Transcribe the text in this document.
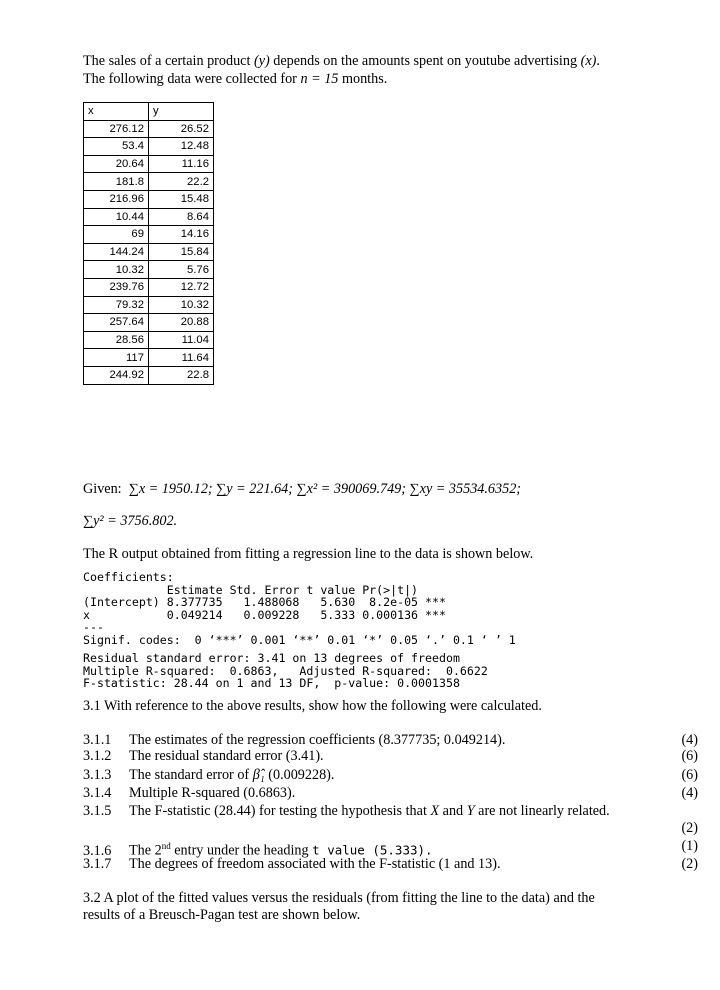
The sales of a certain product (y) depends on the amounts spent on youtube advertising (x).
The following data were collected for n = 15 months.
x	y
276.12	26.52
53.4	12.48
20.64	11.16
181.8	22.2
216.96	15.48
10.44	8.64
69	14.16
144.24	15.84
10.32	5.76
239.76	12.72
79.32	10.32
257.64	20.88
28.56	11.04
117	11.64
244.92	22.8
Given: ∑x = 1950.12; ∑y = 221.64; ∑x² = 390069.749; ∑xy = 35534.6352;
∑y² = 3756.802.
The R output obtained from fitting a regression line to the data is shown below.
Coefficients:
Estimate Std. Error t value Pr(>|t|)
(Intercept) 8.377735   1.488068   5.630  8.2e-05 ***
x           0.049214   0.009228   5.333 0.000136 ***
---
Signif. codes:  0 ‘***’ 0.001 ‘**’ 0.01 ‘*’ 0.05 ‘.’ 0.1 ‘ ’ 1
Residual standard error: 3.41 on 13 degrees of freedom
Multiple R-squared:  0.6863,   Adjusted R-squared:  0.6622
F-statistic: 28.44 on 1 and 13 DF,  p-value: 0.0001358
3.1 With reference to the above results, show how the following were calculated.
3.1.1 The estimates of the regression coefficients (8.377735; 0.049214).	(4)
3.1.2 The residual standard error (3.41).	(6)
3.1.3 The standard error of β̂₁ (0.009228).	(6)
3.1.4 Multiple R-squared (0.6863).	(4)
3.1.5 The F-statistic (28.44) for testing the hypothesis that X and Y are not linearly related.
(2)
3.1.6 The 2nd entry under the heading t value (5.333).	(1)
3.1.7 The degrees of freedom associated with the F-statistic (1 and 13).	(2)
3.2 A plot of the fitted values versus the residuals (from fitting the line to the data) and the
results of a Breusch-Pagan test are shown below.
